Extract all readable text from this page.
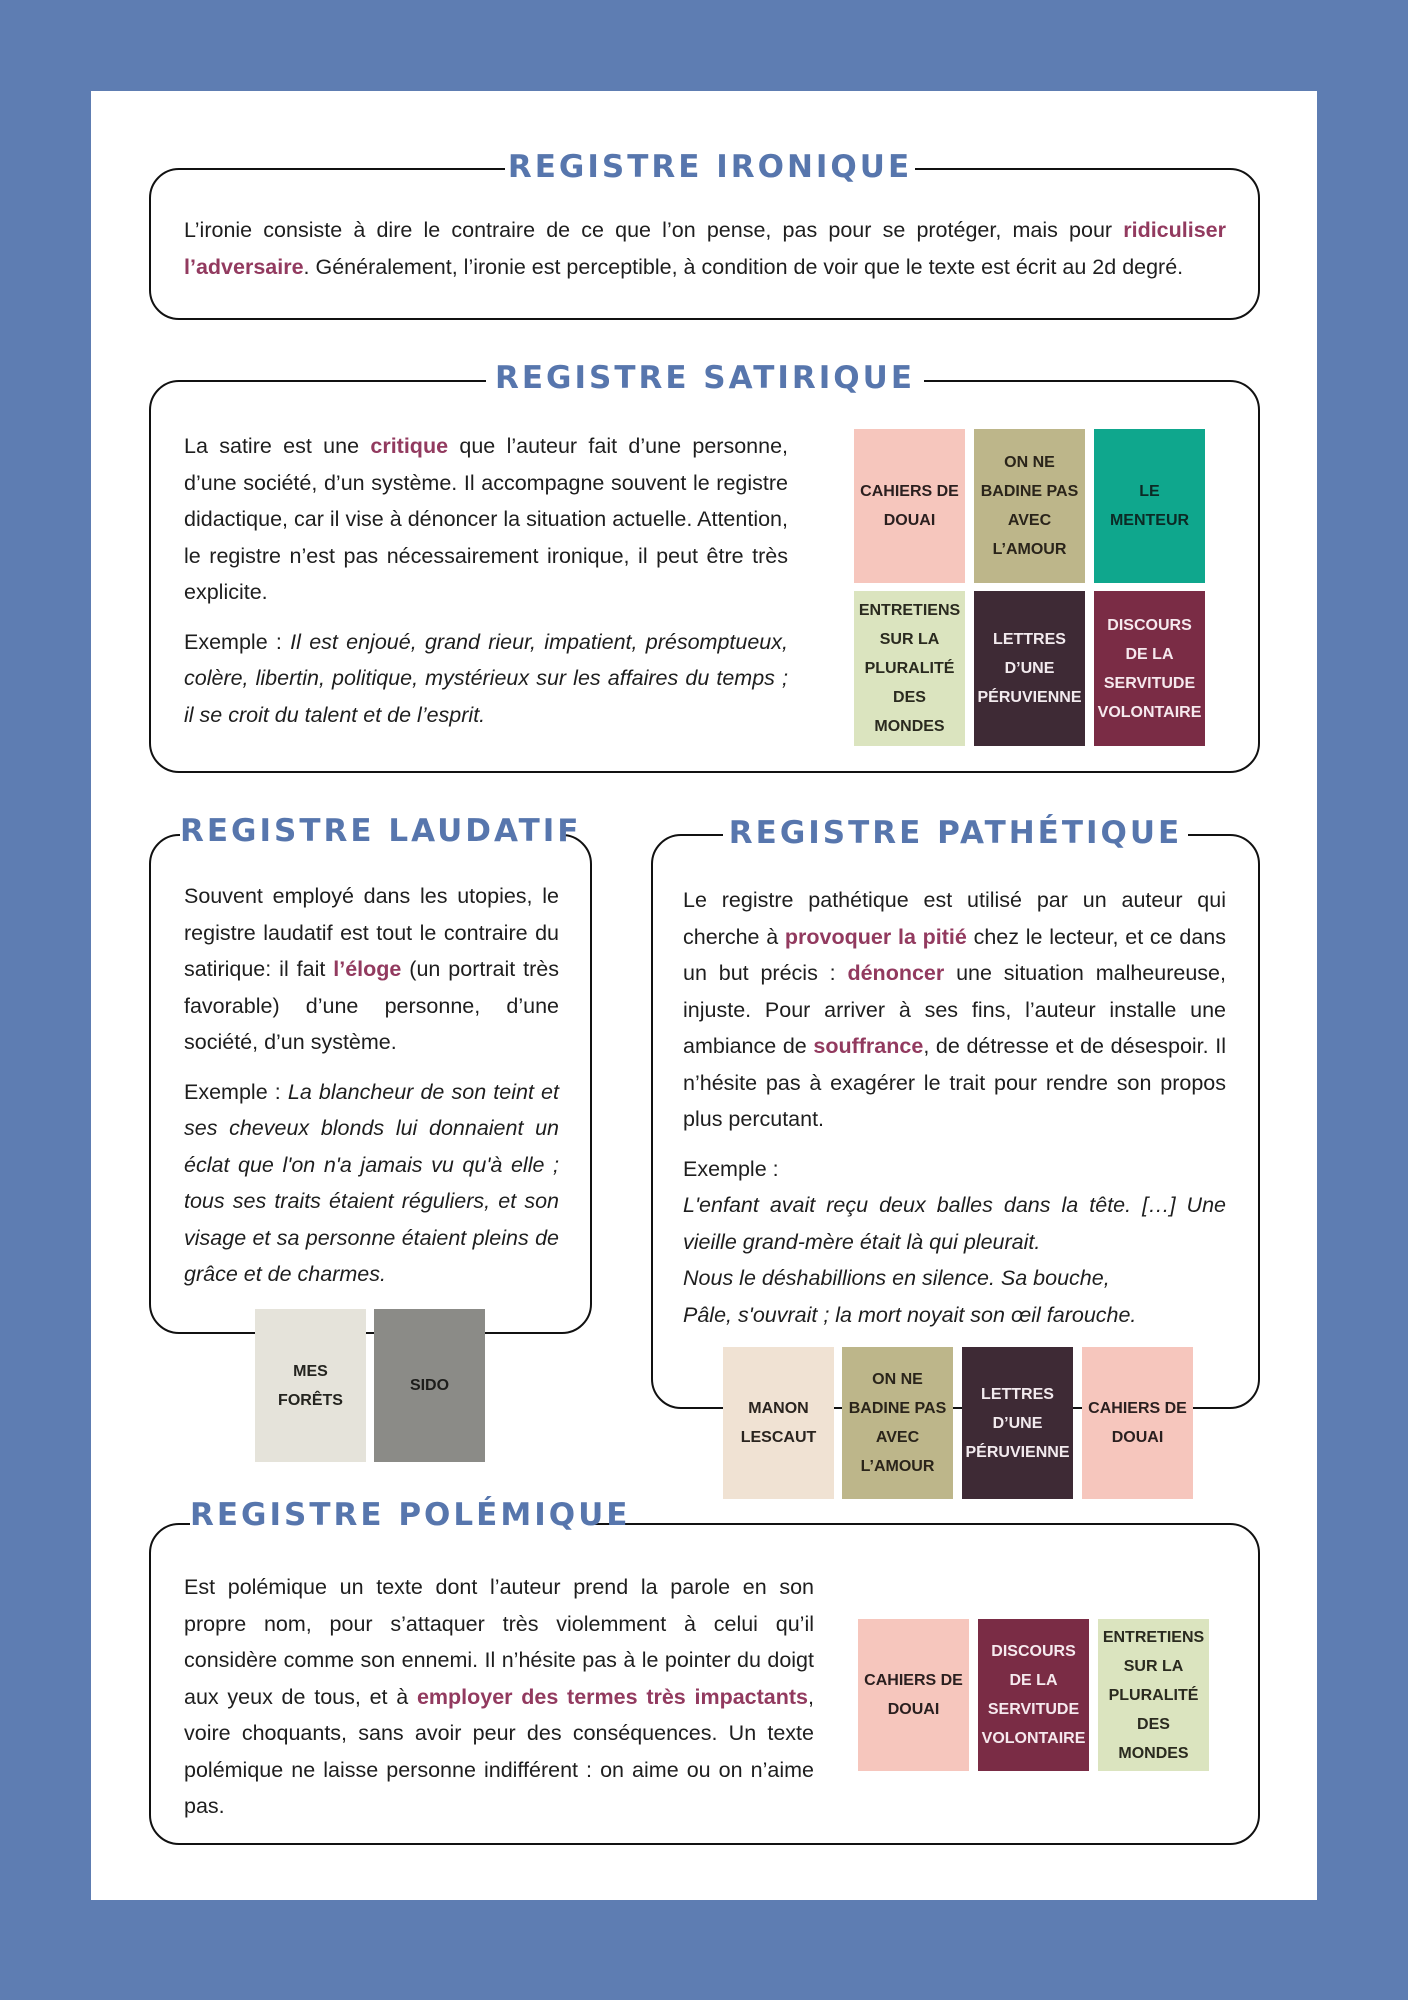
REGISTRE IRONIQUE

L’ironie consiste à dire le contraire de ce que l’on pense, pas pour se protéger, mais pour ridiculiser l’adversaire. Généralement, l’ironie est perceptible, à condition de voir que le texte est écrit au 2d degré.

REGISTRE SATIRIQUE

La satire est une critique que l’auteur fait d’une personne, d’une société, d’un système. Il accompagne souvent le registre didactique, car il vise à dénoncer la situation actuelle. Attention, le registre n’est pas nécessairement ironique, il peut être très explicite.

Exemple : Il est enjoué, grand rieur, impatient, présomptueux, colère, libertin, politique, mystérieux sur les affaires du temps ; il se croit du talent et de l’esprit.

CAHIERS DE DOUAI
ON NE BADINE PAS AVEC L’AMOUR
LE MENTEUR
ENTRETIENS SUR LA PLURALITÉ DES MONDES
LETTRES D’UNE PÉRUVIENNE
DISCOURS DE LA SERVITUDE VOLONTAIRE
REGISTRE LAUDATIF

Souvent employé dans les utopies, le registre laudatif est tout le contraire du satirique: il fait l’éloge (un portrait très favorable) d’une personne, d’une société, d’un système.

Exemple : La blancheur de son teint et ses cheveux blonds lui donnaient un éclat que l'on n'a jamais vu qu'à elle ; tous ses traits étaient réguliers, et son visage et sa personne étaient pleins de grâce et de charmes.

MES FORÊTS
SIDO
REGISTRE PATHÉTIQUE

Le registre pathétique est utilisé par un auteur qui cherche à provoquer la pitié chez le lecteur, et ce dans un but précis : dénoncer une situation malheureuse, injuste. Pour arriver à ses fins, l’auteur installe une ambiance de souffrance, de détresse et de désespoir. Il n’hésite pas à exagérer le trait pour rendre son propos plus percutant.

Exemple :
L'enfant avait reçu deux balles dans la tête. […] Une vieille grand-mère était là qui pleurait.
Nous le déshabillions en silence. Sa bouche,
Pâle, s'ouvrait ; la mort noyait son œil farouche.

MANON LESCAUT
ON NE BADINE PAS AVEC L’AMOUR
LETTRES D’UNE PÉRUVIENNE
CAHIERS DE DOUAI
REGISTRE POLÉMIQUE

Est polémique un texte dont l’auteur prend la parole en son propre nom, pour s’attaquer très violemment à celui qu’il considère comme son ennemi. Il n’hésite pas à le pointer du doigt aux yeux de tous, et à employer des termes très impactants, voire choquants, sans avoir peur des conséquences. Un texte polémique ne laisse personne indifférent : on aime ou on n’aime pas.

CAHIERS DE DOUAI
DISCOURS DE LA SERVITUDE VOLONTAIRE
ENTRETIENS SUR LA PLURALITÉ DES MONDES
